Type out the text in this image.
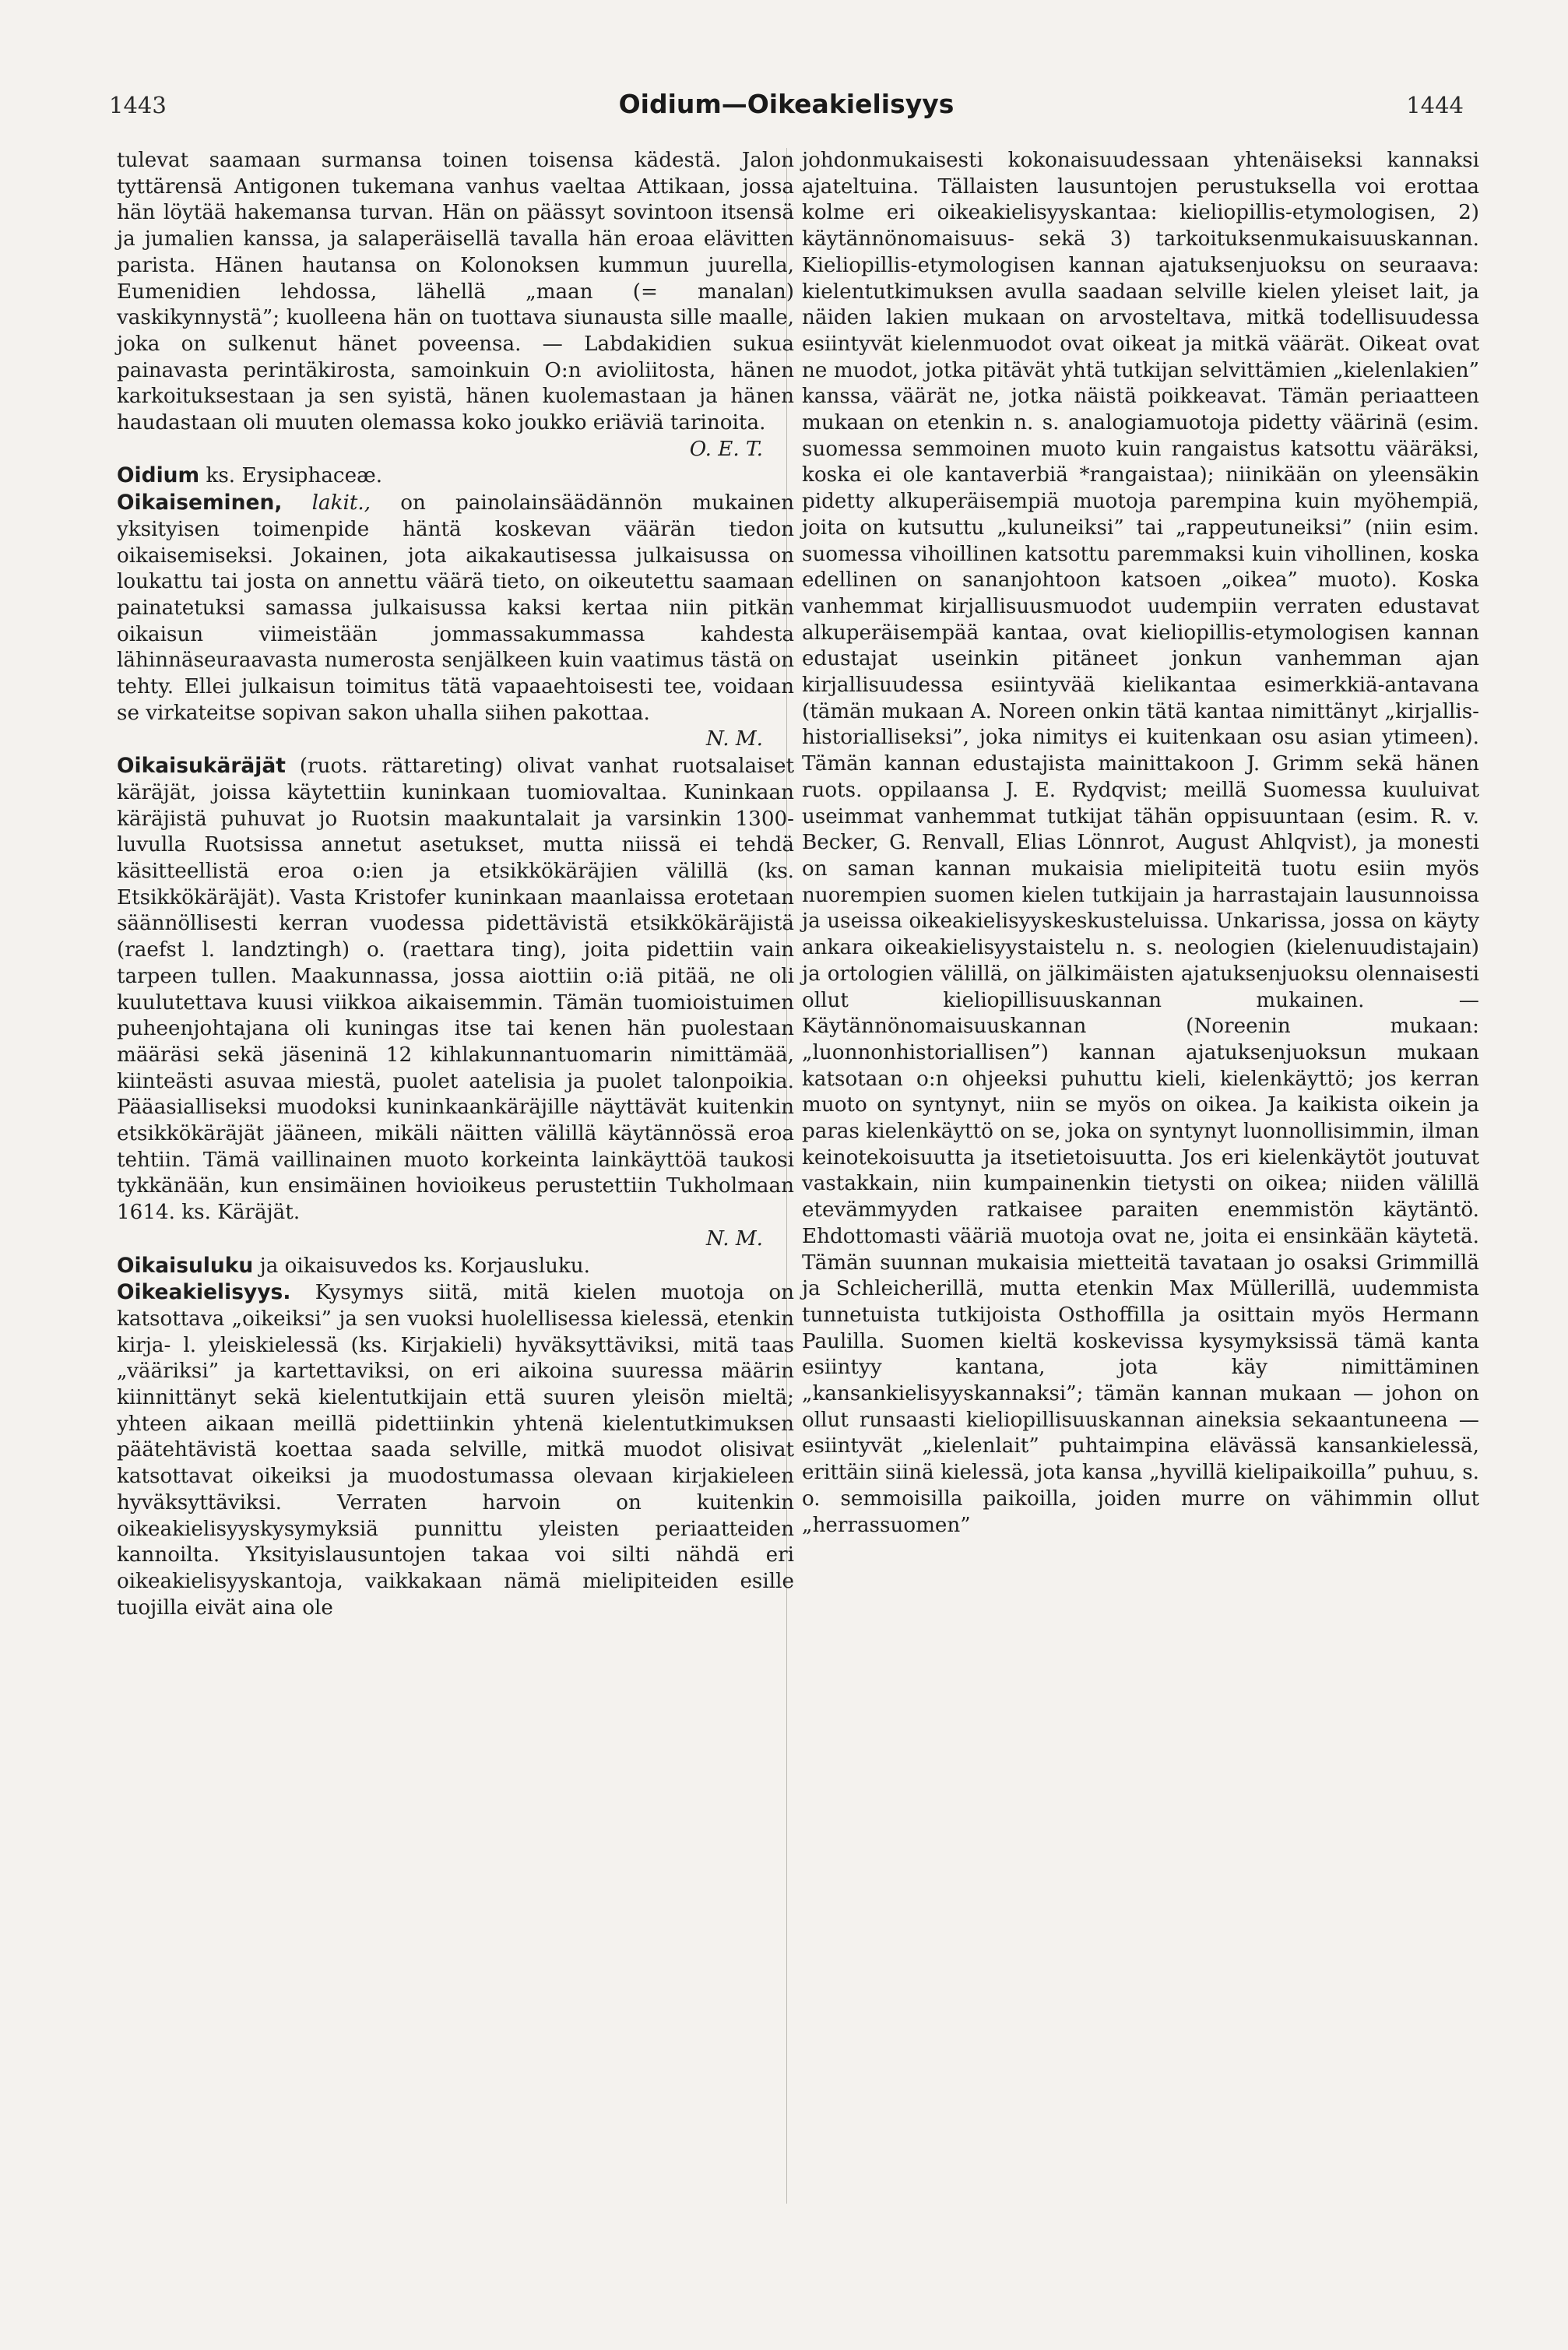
1443	Oidium—Oikeakielisyys	1444

tulevat saamaan surmansa toinen toisensa kädestä. Jalon tyttärensä Antigonen tukemana vanhus vaeltaa Attikaan, jossa hän löytää hakemansa turvan. Hän on päässyt sovintoon itsensä ja jumalien kanssa, ja salaperäisellä tavalla hän eroaa elävitten parista. Hänen hautansa on Kolonoksen kummun juurella, Eumenidien lehdossa, lähellä „maan (= manalan) vaskikynnystä”; kuolleena hän on tuottava siunausta sille maalle, joka on sulkenut hänet poveensa. — Labdakidien sukua painavasta perintäkirosta, samoinkuin O:n avioliitosta, hänen karkoituksestaan ja sen syistä, hänen kuolemastaan ja hänen haudastaan oli muuten olemassa koko joukko eriäviä tarinoita.

O. E. T.

Oidium ks. Erysiphaceæ.

Oikaiseminen, lakit., on painolainsäädännön mukainen yksityisen toimenpide häntä koskevan väärän tiedon oikaisemiseksi. Jokainen, jota aikakautisessa julkaisussa on loukattu tai josta on annettu väärä tieto, on oikeutettu saamaan painatetuksi samassa julkaisussa kaksi kertaa niin pitkän oikaisun viimeistään jommassakummassa kahdesta lähinnäseuraavasta numerosta senjälkeen kuin vaatimus tästä on tehty. Ellei julkaisun toimitus tätä vapaaehtoisesti tee, voidaan se virkateitse sopivan sakon uhalla siihen pakottaa.

N. M.

Oikaisukäräjät (ruots. rättareting) olivat vanhat ruotsalaiset käräjät, joissa käytettiin kuninkaan tuomiovaltaa. Kuninkaan käräjistä puhuvat jo Ruotsin maakuntalait ja varsinkin 1300-luvulla Ruotsissa annetut asetukset, mutta niissä ei tehdä käsitteellistä eroa o:ien ja etsikkökäräjien välillä (ks. Etsikkökäräjät). Vasta Kristofer kuninkaan maanlaissa erotetaan säännöllisesti kerran vuodessa pidettävistä etsikkökäräjistä (raefst l. landztingh) o. (raettara ting), joita pidettiin vain tarpeen tullen. Maakunnassa, jossa aiottiin o:iä pitää, ne oli kuulutettava kuusi viikkoa aikaisemmin. Tämän tuomioistuimen puheenjohtajana oli kuningas itse tai kenen hän puolestaan määräsi sekä jäseninä 12 kihlakunnantuomarin nimittämää, kiinteästi asuvaa miestä, puolet aatelisia ja puolet talonpoikia. Pääasialliseksi muodoksi kuninkaankäräjille näyttävät kuitenkin etsikkökäräjät jääneen, mikäli näitten välillä käytännössä eroa tehtiin. Tämä vaillinainen muoto korkeinta lainkäyttöä taukosi tykkänään, kun ensimäinen hovioikeus perustettiin Tukholmaan 1614. ks. Käräjät.

N. M.

Oikaisuluku ja oikaisuvedos ks. Korjausluku.

Oikeakielisyys. Kysymys siitä, mitä kielen muotoja on katsottava „oikeiksi” ja sen vuoksi huolellisessa kielessä, etenkin kirja- l. yleiskielessä (ks. Kirjakieli) hyväksyttäviksi, mitä taas „vääriksi” ja kartettaviksi, on eri aikoina suuressa määrin kiinnittänyt sekä kielentutkijain että suuren yleisön mieltä; yhteen aikaan meillä pidettiinkin yhtenä kielentutkimuksen päätehtävistä koettaa saada selville, mitkä muodot olisivat katsottavat oikeiksi ja muodostumassa olevaan kirjakieleen hyväksyttäviksi. Verraten harvoin on kuitenkin oikeakielisyyskysymyksiä punnittu yleisten periaatteiden kannoilta. Yksityislausuntojen takaa voi silti nähdä eri oikeakielisyyskantoja, vaikkakaan nämä mielipiteiden esille tuojilla eivät aina ole

johdonmukaisesti kokonaisuudessaan yhtenäiseksi kannaksi ajateltuina. Tällaisten lausuntojen perustuksella voi erottaa kolme eri oikeakielisyyskantaa: kieliopillis-etymologisen, 2) käytännönomaisuus- sekä 3) tarkoituksenmukaisuuskannan. Kieliopillis-etymologisen kannan ajatuksenjuoksu on seuraava: kielentutkimuksen avulla saadaan selville kielen yleiset lait, ja näiden lakien mukaan on arvosteltava, mitkä todellisuudessa esiintyvät kielenmuodot ovat oikeat ja mitkä väärät. Oikeat ovat ne muodot, jotka pitävät yhtä tutkijan selvittämien „kielenlakien” kanssa, väärät ne, jotka näistä poikkeavat. Tämän periaatteen mukaan on etenkin n. s. analogiamuotoja pidetty väärinä (esim. suomessa semmoinen muoto kuin rangaistus katsottu vääräksi, koska ei ole kantaverbiä *rangaistaa); niinikään on yleensäkin pidetty alkuperäisempiä muotoja parempina kuin myöhempiä, joita on kutsuttu „kuluneiksi” tai „rappeutuneiksi” (niin esim. suomessa vihoillinen katsottu paremmaksi kuin vihollinen, koska edellinen on sananjohtoon katsoen „oikea” muoto). Koska vanhemmat kirjallisuusmuodot uudempiin verraten edustavat alkuperäisempää kantaa, ovat kieliopillis-etymologisen kannan edustajat useinkin pitäneet jonkun vanhemman ajan kirjallisuudessa esiintyvää kielikantaa esimerkkiä-antavana (tämän mukaan A. Noreen onkin tätä kantaa nimittänyt „kirjallis-historialliseksi”, joka nimitys ei kuitenkaan osu asian ytimeen). Tämän kannan edustajista mainittakoon J. Grimm sekä hänen ruots. oppilaansa J. E. Rydqvist; meillä Suomessa kuuluivat useimmat vanhemmat tutkijat tähän oppisuuntaan (esim. R. v. Becker, G. Renvall, Elias Lönnrot, August Ahlqvist), ja monesti on saman kannan mukaisia mielipiteitä tuotu esiin myös nuorempien suomen kielen tutkijain ja harrastajain lausunnoissa ja useissa oikeakielisyyskeskusteluissa. Unkarissa, jossa on käyty ankara oikeakielisyystaistelu n. s. neologien (kielenuudistajain) ja ortologien välillä, on jälkimäisten ajatuksenjuoksu olennaisesti ollut kieliopillisuuskannan mukainen. — Käytännönomaisuuskannan (Noreenin mukaan: „luonnonhistoriallisen”) kannan ajatuksenjuoksun mukaan katsotaan o:n ohjeeksi puhuttu kieli, kielenkäyttö; jos kerran muoto on syntynyt, niin se myös on oikea. Ja kaikista oikein ja paras kielenkäyttö on se, joka on syntynyt luonnollisimmin, ilman keinotekoisuutta ja itsetietoisuutta. Jos eri kielenkäytöt joutuvat vastakkain, niin kumpainenkin tietysti on oikea; niiden välillä etevämmyyden ratkaisee paraiten enemmistön käytäntö. Ehdottomasti vääriä muotoja ovat ne, joita ei ensinkään käytetä. Tämän suunnan mukaisia mietteitä tavataan jo osaksi Grimmillä ja Schleicherillä, mutta etenkin Max Müllerillä, uudemmista tunnetuista tutkijoista Osthoffilla ja osittain myös Hermann Paulilla. Suomen kieltä koskevissa kysymyksissä tämä kanta esiintyy kantana, jota käy nimittäminen „kansankielisyyskannaksi”; tämän kannan mukaan — johon on ollut runsaasti kieliopillisuuskannan aineksia sekaantuneena — esiintyvät „kielenlait” puhtaimpina elävässä kansankielessä, erittäin siinä kielessä, jota kansa „hyvillä kielipaikoilla” puhuu, s. o. semmoisilla paikoilla, joiden murre on vähimmin ollut „herrassuomen”
